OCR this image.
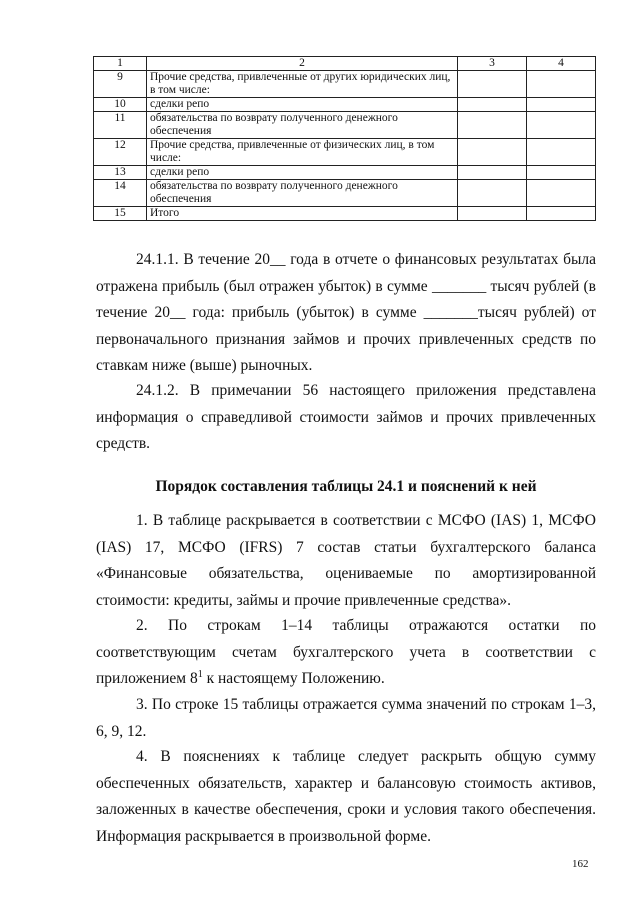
1	2	3	4
9	Прочие средства, привлеченные от других юридических лиц, в том числе:		
10	сделки репо		
11	обязательства по возврату полученного денежного обеспечения		
12	Прочие средства, привлеченные от физических лиц, в том числе:		
13	сделки репо		
14	обязательства по возврату полученного денежного обеспечения		
15	Итого		
24.1.1. В течение 20__ года в отчете о финансовых результатах была отражена прибыль (был отражен убыток) в сумме _______ тысяч рублей (в течение 20__ года: прибыль (убыток) в сумме _______тысяч рублей) от первоначального признания займов и прочих привлеченных средств по ставкам ниже (выше) рыночных.
24.1.2. В примечании 56 настоящего приложения представлена информация о справедливой стоимости займов и прочих привлеченных средств.
Порядок составления таблицы 24.1 и пояснений к ней
1. В таблице раскрывается в соответствии с МСФО (IAS) 1, МСФО (IAS) 17, МСФО (IFRS) 7 состав статьи бухгалтерского баланса «Финансовые обязательства, оцениваемые по амортизированной стоимости: кредиты, займы и прочие привлеченные средства».
2. По строкам 1–14 таблицы отражаются остатки по соответствующим счетам бухгалтерского учета в соответствии с приложением $8^1$ к настоящему Положению.
3. По строке 15 таблицы отражается сумма значений по строкам 1–3, 6, 9, 12.
4. В пояснениях к таблице следует раскрыть общую сумму обеспеченных обязательств, характер и балансовую стоимость активов, заложенных в качестве обеспечения, сроки и условия такого обеспечения. Информация раскрывается в произвольной форме.
162
